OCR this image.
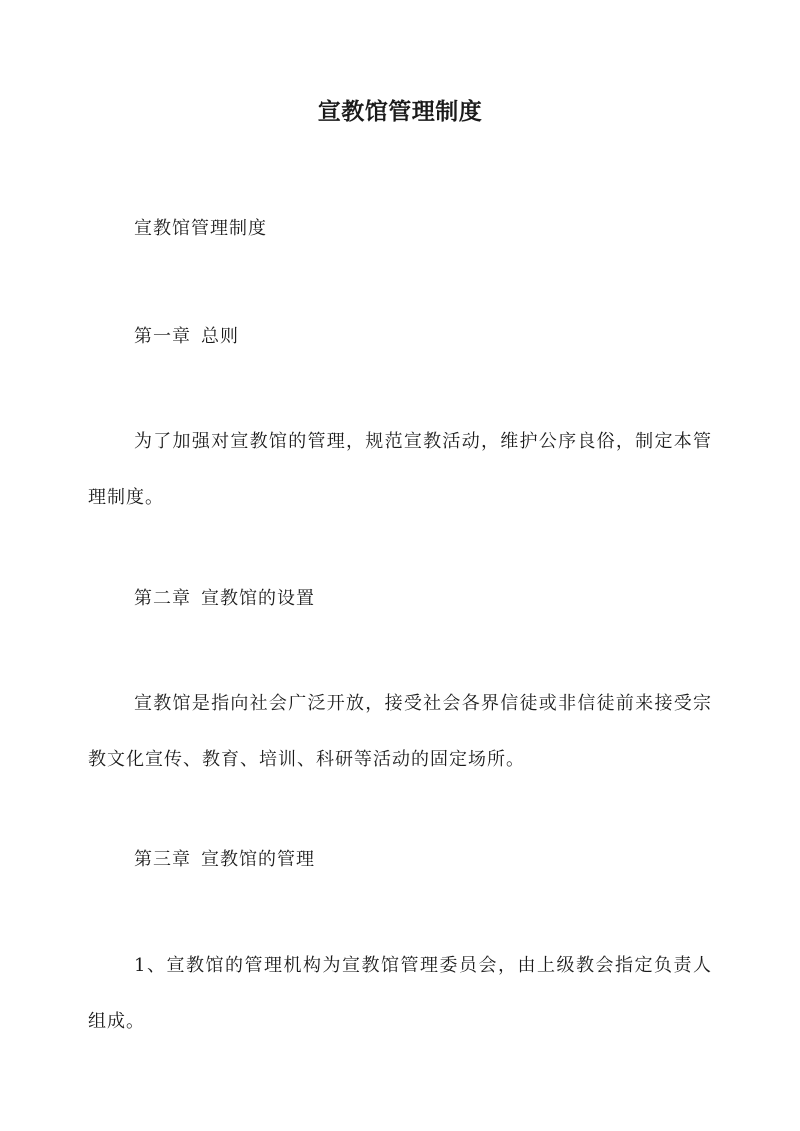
宣教馆管理制度

宣教馆管理制度

第一章 总则

为了加强对宣教馆的管理，规范宣教活动，维护公序良俗，制定本管理制度。

第二章 宣教馆的设置

宣教馆是指向社会广泛开放，接受社会各界信徒或非信徒前来接受宗教文化宣传、教育、培训、科研等活动的固定场所。

第三章 宣教馆的管理

1、宣教馆的管理机构为宣教馆管理委员会，由上级教会指定负责人组成。
